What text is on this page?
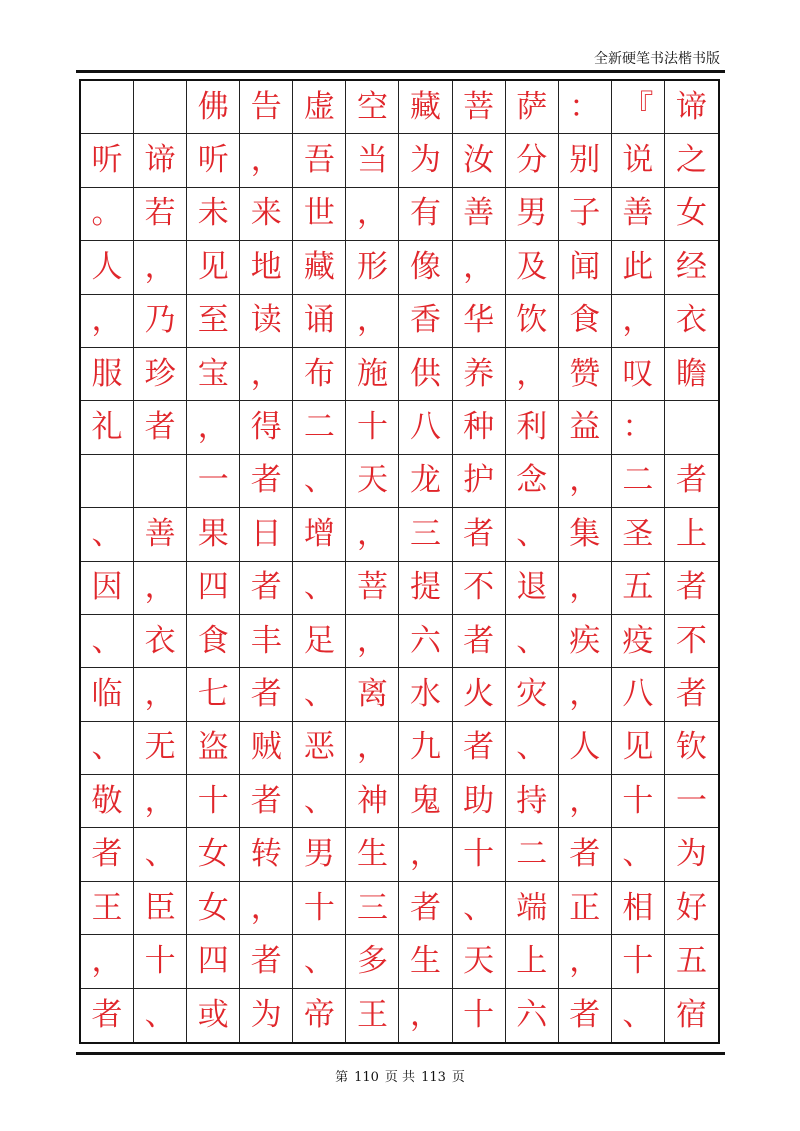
全新硬笔书法楷书版
佛 告 虚 空 藏 菩 萨 ： 『 谛
听 谛 听 ， 吾 当 为 汝 分 别 说 之
。 若 未 来 世 ， 有 善 男 子 善 女
人 ， 见 地 藏 形 像 ， 及 闻 此 经
， 乃 至 读 诵 ， 香 华 饮 食 ， 衣
服 珍 宝 ， 布 施 供 养 ， 赞 叹 瞻
礼 者 ， 得 二 十 八 种 利 益 ：
一 者 、 天 龙 护 念 ， 二 者
、 善 果 日 增 ， 三 者 、 集 圣 上
因 ， 四 者 、 菩 提 不 退 ， 五 者
、 衣 食 丰 足 ， 六 者 、 疾 疫 不
临 ， 七 者 、 离 水 火 灾 ， 八 者
、 无 盗 贼 恶 ， 九 者 、 人 见 钦
敬 ， 十 者 、 神 鬼 助 持 ， 十 一
者 、 女 转 男 生 ， 十 二 者 、 为
王 臣 女 ， 十 三 者 、 端 正 相 好
， 十 四 者 、 多 生 天 上 ， 十 五
者 、 或 为 帝 王 ， 十 六 者 、 宿
第 110 页 共 113 页
